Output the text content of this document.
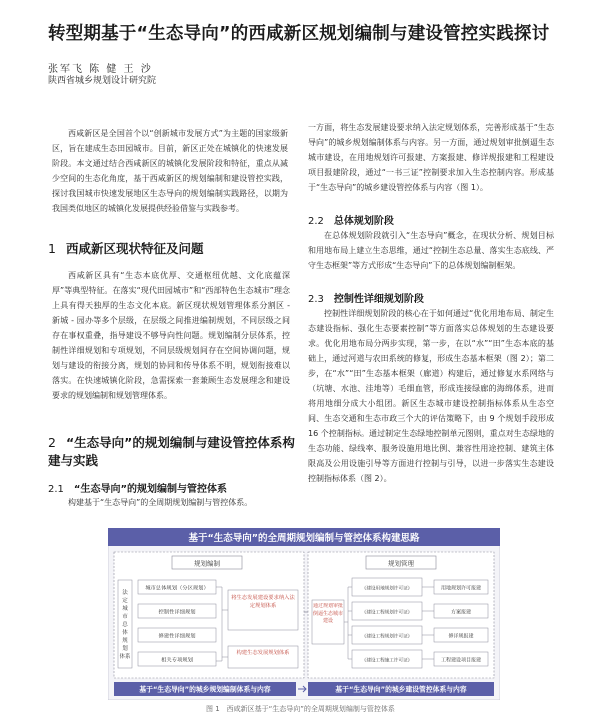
转型期基于“生态导向”的西咸新区规划编制与建设管控实践探讨
张军飞 陈 健 王 沙
陕西省城乡规划设计研究院

西咸新区是全国首个以“创新城市发展方式”为主题的国家级新区，旨在建成生态田园城市。目前，新区正处在城镇化的快速发展阶段。本文通过结合西咸新区的城镇化发展阶段和特征，重点从减少空间的生态化角度，基于西咸新区的规划编制和建设管控实践，探讨我国城市快速发展地区生态导向的规划编制实践路径，以期为我国类似地区的城镇化发展提供经验借鉴与实践参考。

1 西咸新区现状特征及问题

西咸新区具有“生态本底优厚、交通枢纽优越、文化底蕴深厚”等典型特征。在落实“现代田园城市”和“西部特色生态城市”理念上具有得天独厚的生态文化本底。新区现状规划管理体系分割区 - 新城 - 园办等多个层级，在层级之间推进编制规划，不同层级之间存在事权重叠，指导建设不够导向性问题。规划编制分层体系，控制性详细规划和专项规划，不同层级规划间存在空间协调问题，规划与建设的衔接分离，规划的协同和传导体系不明，规划衔接难以落实。在快速城镇化阶段，急需探索一套兼顾生态发展理念和建设要求的规划编制和规划管理体系。

2 “生态导向”的规划编制与建设管控体系构建与实践
2.1 “生态导向”的规划编制与管控体系

构建基于“生态导向”的全周期规划编制与管控体系。

一方面，将生态发展建设要求纳入法定规划体系，完善形成基于“生态导向”的城乡规划编制体系与内容。另一方面，通过规划审批倒逼生态城市建设，在用地规划许可报建、方案报建、修详规报建和工程建设项目报建阶段，通过“一书三证”控制要求加入生态控制内容。形成基于“生态导向”的城乡建设管控体系与内容（图 1）。

2.2 总体规划阶段

在总体规划阶段就引入“生态导向”概念，在现状分析、规划目标和用地布局上建立生态思维，通过“控制生态总量、落实生态底线、严守生态框架”等方式形成“生态导向”下的总体规划编制框架。

2.3 控制性详细规划阶段

控制性详细规划阶段的核心在于如何通过“优化用地布局、制定生态建设指标、强化生态要素控制”等方面落实总体规划的生态建设要求。优化用地布局分两步实现，第一步，在以“水”“田”生态本底的基础上，通过河道与农田系统的修复，形成生态基本框架（图 2）；第二步，在“水”“田”生态基本框架（廊道）构建后，通过修复水系网络与（坑塘、水池、洼地等）毛细血管，形成连接绿廊的海绵体系，进而将用地细分成大小组团。新区生态城市建设控制指标体系从生态空间、生态交通和生态市政三个大的评估策略下，由 9 个规划手段形成 16 个控制指标。通过制定生态绿地控制单元图则，重点对生态绿地的生态功能、绿线率、服务设施用地比例、兼容性用途控制、建筑主体限高及公用设施引导等方面进行控制与引导，以进一步落实生态建设控制指标体系（图 2）。

基于“生态导向”的全周期规划编制与管控体系构建思路
规划编制
法定城市总体规划体系
城市总体规划（分区规划）
控制性详细规划
修建性详细规划
相关专项规划
将生态发展建设要求纳入法定规划体系
构建生态发展规划体系
规划管理
通过规划审批倒逼生态城市建设
《建设用地规划许可证》
《建设工程规划许可证》
《建设工程规划许可证》
《建设工程施工许可证》
用地规划许可报建
方案报建
修详规报建
工程建设项目报建
基于“生态导向”的城乡规划编制体系与内容	基于“生态导向”的城乡建设管控体系与内容
图 1　西咸新区基于“生态导向”的全周期规划编制与管控体系
